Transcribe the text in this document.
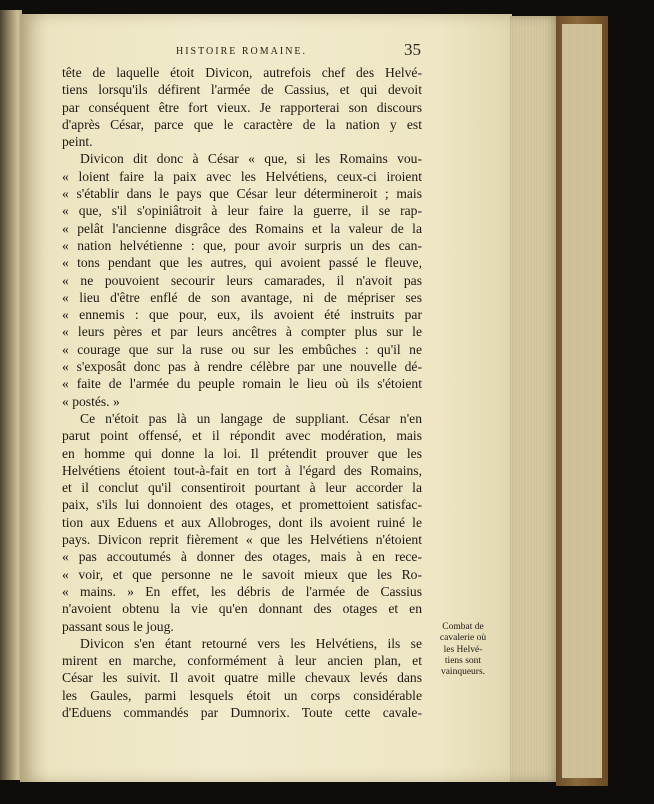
HISTOIRE ROMAINE.	35
tête de laquelle étoit Divicon, autrefois chef des Helvé-
tiens lorsqu'ils défirent l'armée de Cassius, et qui devoit
par conséquent être fort vieux. Je rapporterai son discours
d'après César, parce que le caractère de la nation y est
peint.
Divicon dit donc à César « que, si les Romains vou-
« loient faire la paix avec les Helvétiens, ceux-ci iroient
« s'établir dans le pays que César leur détermineroit ; mais
« que, s'il s'opiniâtroit à leur faire la guerre, il se rap-
« pelât l'ancienne disgrâce des Romains et la valeur de la
« nation helvétienne : que, pour avoir surpris un des can-
« tons pendant que les autres, qui avoient passé le fleuve,
« ne pouvoient secourir leurs camarades, il n'avoit pas
« lieu d'être enflé de son avantage, ni de mépriser ses
« ennemis : que pour, eux, ils avoient été instruits par
« leurs pères et par leurs ancêtres à compter plus sur le
« courage que sur la ruse ou sur les embûches : qu'il ne
« s'exposât donc pas à rendre célèbre par une nouvelle dé-
« faite de l'armée du peuple romain le lieu où ils s'étoient
« postés. »
Ce n'étoit pas là un langage de suppliant. César n'en
parut point offensé, et il répondit avec modération, mais
en homme qui donne la loi. Il prétendit prouver que les
Helvétiens étoient tout-à-fait en tort à l'égard des Romains,
et il conclut qu'il consentiroit pourtant à leur accorder la
paix, s'ils lui donnoient des otages, et promettoient satisfac-
tion aux Eduens et aux Allobroges, dont ils avoient ruiné le
pays. Divicon reprit fièrement « que les Helvétiens n'étoient
« pas accoutumés à donner des otages, mais à en rece-
« voir, et que personne ne le savoit mieux que les Ro-
« mains. » En effet, les débris de l'armée de Cassius
n'avoient obtenu la vie qu'en donnant des otages et en
passant sous le joug.
Divicon s'en étant retourné vers les Helvétiens, ils se
mirent en marche, conformément à leur ancien plan, et
César les suivit. Il avoit quatre mille chevaux levés dans
les Gaules, parmi lesquels étoit un corps considérable
d'Eduens commandés par Dumnorix. Toute cette cavale-
Combat de
cavalerie où
les Helvé-
tiens sont
vainqueurs.
